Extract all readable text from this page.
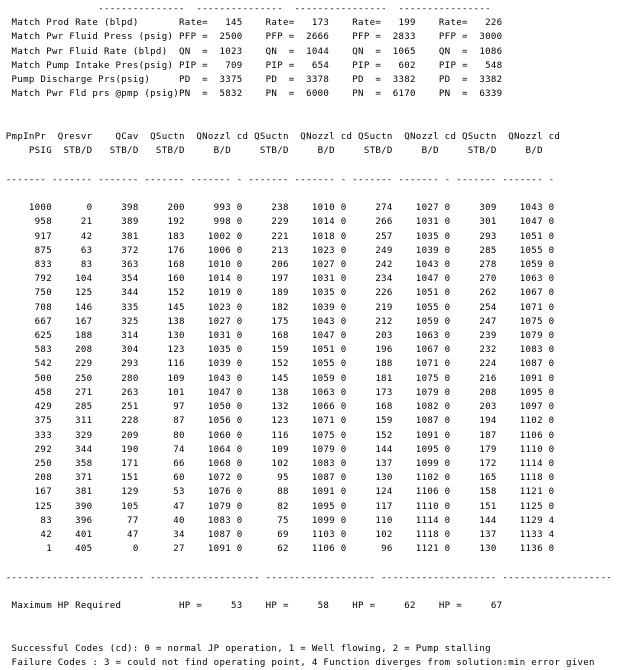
---------------  ---------------  ----------------  ----------------
Match Prod Rate (blpd)       Rate=   145    Rate=   173    Rate=   199    Rate=   226
Match Pwr Fluid Press (psig) PFP =  2500    PFP =  2666    PFP =  2833    PFP =  3000
Match Pwr Fluid Rate (blpd)  QN  =  1023    QN  =  1044    QN  =  1065    QN  =  1086
Match Pump Intake Pres(psig) PIP =   709    PIP =   654    PIP =   602    PIP =   548
Pump Discharge Prs(psig)     PD  =  3375    PD  =  3378    PD  =  3382    PD  =  3382
Match Pwr Fld prs @pmp (psig)PN  =  5832    PN  =  6000    PN  =  6170    PN  =  6339

PmpInPr  Qresvr    QCav  QSuctn  QNozzl cd QSuctn  QNozzl cd QSuctn  QNozzl cd QSuctn  QNozzl cd
PSIG  STB/D   STB/D   STB/D     B/D     STB/D     B/D     STB/D     B/D     STB/D     B/D

------- ------- ------- ------- ------- - ------- ------- - ------- ------- - ------- ------- -

1000      0     398     200     993 0     238    1010 0     274    1027 0     309    1043 0
958     21     389     192     998 0     229    1014 0     266    1031 0     301    1047 0
917     42     381     183    1002 0     221    1018 0     257    1035 0     293    1051 0
875     63     372     176    1006 0     213    1023 0     249    1039 0     285    1055 0
833     83     363     168    1010 0     206    1027 0     242    1043 0     278    1059 0
792    104     354     160    1014 0     197    1031 0     234    1047 0     270    1063 0
750    125     344     152    1019 0     189    1035 0     226    1051 0     262    1067 0
708    146     335     145    1023 0     182    1039 0     219    1055 0     254    1071 0
667    167     325     138    1027 0     175    1043 0     212    1059 0     247    1075 0
625    188     314     130    1031 0     168    1047 0     203    1063 0     239    1079 0
583    208     304     123    1035 0     159    1051 0     196    1067 0     232    1083 0
542    229     293     116    1039 0     152    1055 0     188    1071 0     224    1087 0
500    250     280     109    1043 0     145    1059 0     181    1075 0     216    1091 0
458    271     263     101    1047 0     138    1063 0     173    1079 0     208    1095 0
429    285     251      97    1050 0     132    1066 0     168    1082 0     203    1097 0
375    311     228      87    1056 0     123    1071 0     159    1087 0     194    1102 0
333    329     209      80    1060 0     116    1075 0     152    1091 0     187    1106 0
292    344     190      74    1064 0     109    1079 0     144    1095 0     179    1110 0
250    358     171      66    1068 0     102    1083 0     137    1099 0     172    1114 0
208    371     151      60    1072 0      95    1087 0     130    1102 0     165    1118 0
167    381     129      53    1076 0      88    1091 0     124    1106 0     158    1121 0
125    390     105      47    1079 0      82    1095 0     117    1110 0     151    1125 0
83    396      77      40    1083 0      75    1099 0     110    1114 0     144    1129 4
42    401      47      34    1087 0      69    1103 0     102    1118 0     137    1133 4
1    405       0      27    1091 0      62    1106 0      96    1121 0     130    1136 0

------------------------ ------------------- ------------------- -------------------- -------------------

Maximum HP Required          HP =     53    HP =     58    HP =     62    HP =     67

Successful Codes (cd): 0 = normal JP operation, 1 = Well flowing, 2 = Pump stalling
Failure Codes : 3 = could not find operating point, 4 Function diverges from solution:min error given
